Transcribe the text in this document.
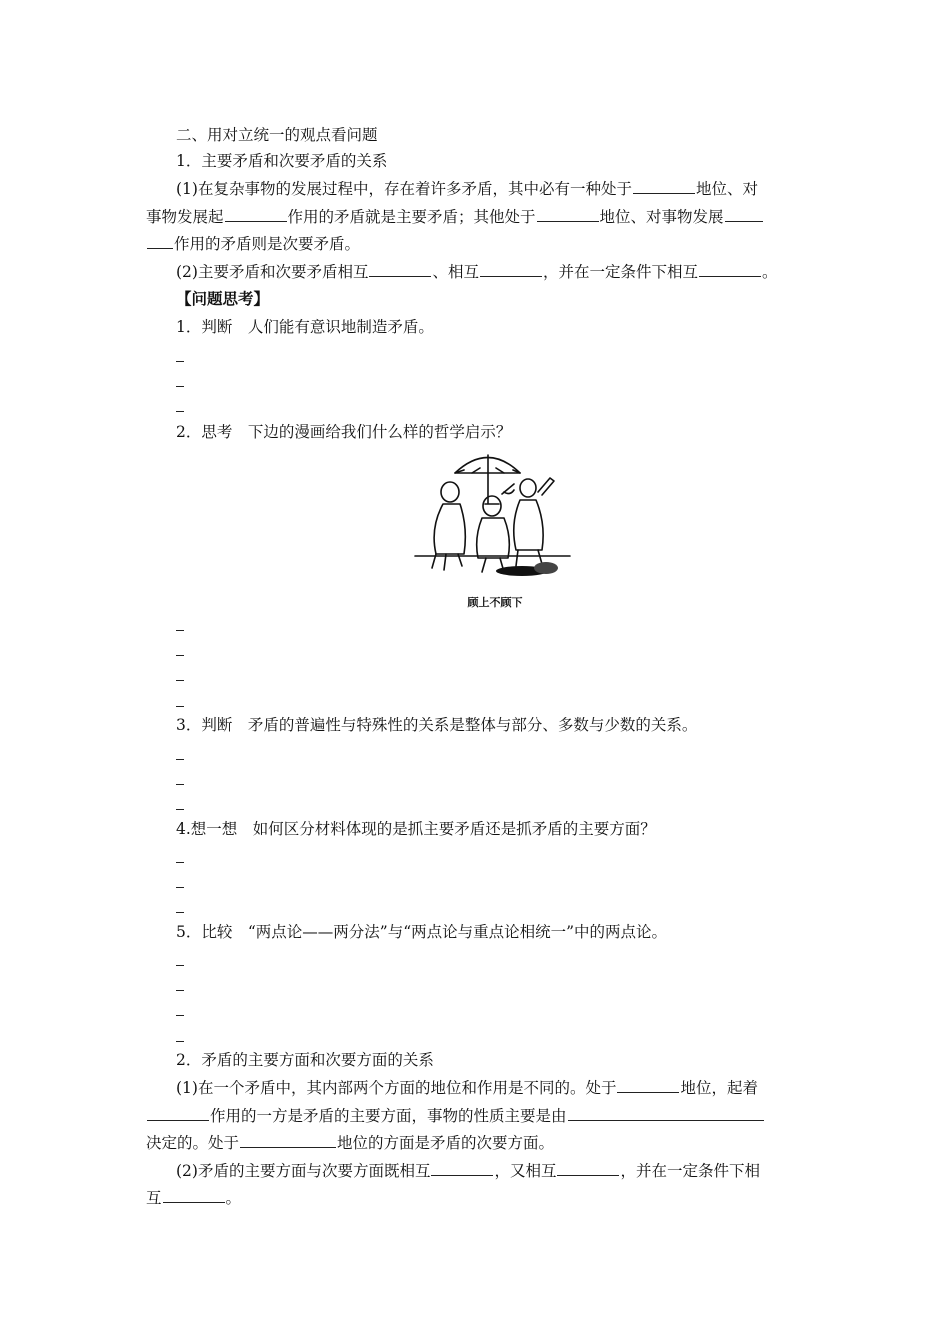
二、用对立统一的观点看问题
1．主要矛盾和次要矛盾的关系
(1)在复杂事物的发展过程中，存在着许多矛盾，其中必有一种处于	地位、对
事物发展起	作用的矛盾就是主要矛盾；其他处于	地位、对事物发展
作用的矛盾则是次要矛盾。
(2)主要矛盾和次要矛盾相互	、相互	，并在一定条件下相互	。
【问题思考】
1．判断　人们能有意识地制造矛盾。
2．思考　下边的漫画给我们什么样的哲学启示？
顾上不顾下
3．判断　矛盾的普遍性与特殊性的关系是整体与部分、多数与少数的关系。
4.想一想　如何区分材料体现的是抓主要矛盾还是抓矛盾的主要方面？
5．比较　“两点论——两分法”与“两点论与重点论相统一”中的两点论。
2．矛盾的主要方面和次要方面的关系
(1)在一个矛盾中，其内部两个方面的地位和作用是不同的。处于	地位，起着
作用的一方是矛盾的主要方面，事物的性质主要是由
决定的。处于	地位的方面是矛盾的次要方面。
(2)矛盾的主要方面与次要方面既相互	，又相互	，并在一定条件下相
互	。
